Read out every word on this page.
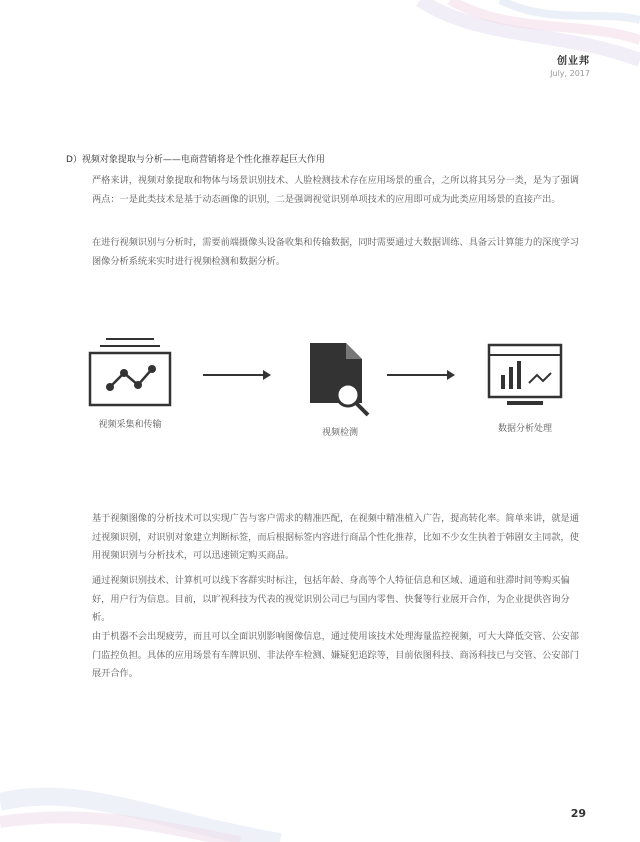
创业邦
July, 2017
D）视频对象提取与分析——电商营销将是个性化推荐起巨大作用

严格来讲，视频对象提取和物体与场景识别技术、人脸检测技术存在应用场景的重合，之所以将其另分一类，是为了强调两点：一是此类技术是基于动态画像的识别，二是强调视觉识别单项技术的应用即可成为此类应用场景的直接产出。

在进行视频识别与分析时，需要前端摄像头设备收集和传输数据，同时需要通过大数据训练、具备云计算能力的深度学习图像分析系统来实时进行视频检测和数据分析。

视频采集和传输
视频检测	数据分析处理

基于视频图像的分析技术可以实现广告与客户需求的精准匹配，在视频中精准植入广告，提高转化率。简单来讲，就是通过视频识别，对识别对象建立判断标签，而后根据标签内容进行商品个性化推荐，比如不少女生执着于韩剧女主同款，使用视频识别与分析技术，可以迅速锁定购买商品。

通过视频识别技术、计算机可以线下客群实时标注，包括年龄、身高等个人特征信息和区域、通道和驻滞时间等购买偏好，用户行为信息。目前，以旷视科技为代表的视觉识别公司已与国内零售、快餐等行业展开合作，为企业提供咨询分析。

由于机器不会出现疲劳，而且可以全面识别影响图像信息，通过使用该技术处理海量监控视频，可大大降低交管、公安部门监控负担。具体的应用场景有车牌识别、非法停车检测、嫌疑犯追踪等，目前依图科技、商汤科技已与交管、公安部门展开合作。

29
